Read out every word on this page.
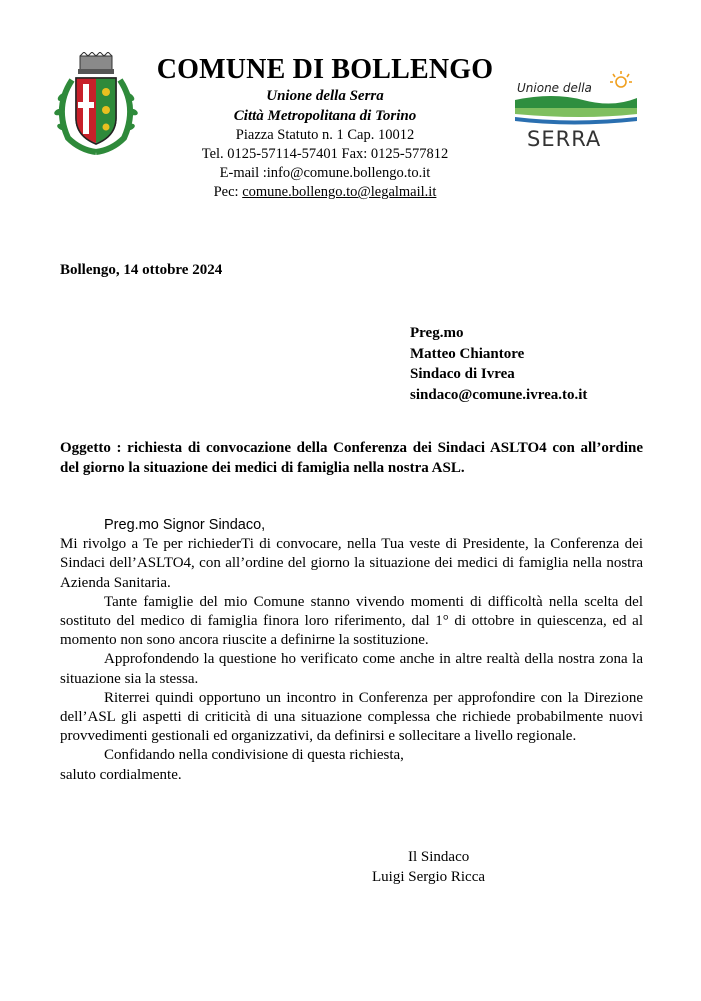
COMUNE DI BOLLENGO
Unione della Serra
Città Metropolitana di Torino
Piazza Statuto n. 1 Cap. 10012
Tel. 0125-57114-57401 Fax: 0125-577812
E-mail :info@comune.bollengo.to.it
Pec: comune.bollengo.to@legalmail.it
Unione della
SERRA
Bollengo, 14 ottobre 2024
Preg.mo
Matteo Chiantore
Sindaco di Ivrea
sindaco@comune.ivrea.to.it
Oggetto : richiesta di convocazione della Conferenza dei Sindaci ASLTO4 con all’ordine del giorno la situazione dei medici di famiglia nella nostra ASL.

Preg.mo Signor Sindaco,

Mi rivolgo a Te per richiederTi di convocare, nella Tua veste di Presidente, la Conferenza dei Sindaci dell’ASLTO4, con all’ordine del giorno la situazione dei medici di famiglia nella nostra Azienda Sanitaria.

Tante famiglie del mio Comune stanno vivendo momenti di difficoltà nella scelta del sostituto del medico di famiglia finora loro riferimento, dal 1° di ottobre in quiescenza, ed al momento non sono ancora riuscite a definirne la sostituzione.

Approfondendo la questione ho verificato come anche in altre realtà della nostra zona la situazione sia la stessa.

Riterrei quindi opportuno un incontro in Conferenza per approfondire con la Direzione dell’ASL gli aspetti di criticità di una situazione complessa che richiede probabilmente nuovi provvedimenti gestionali ed organizzativi, da definirsi e sollecitare a livello regionale.

Confidando nella condivisione di questa richiesta,

saluto cordialmente.

Il Sindaco
Luigi Sergio Ricca
